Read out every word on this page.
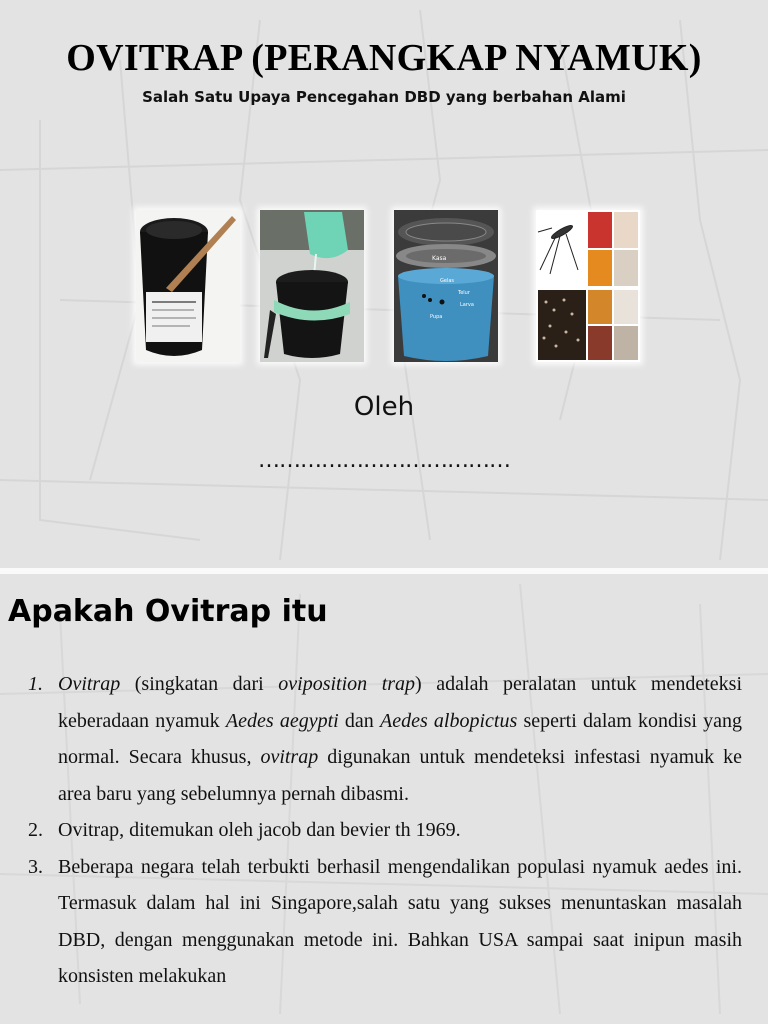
OVITRAP (PERANGKAP NYAMUK)
Salah Satu Upaya Pencegahan DBD yang berbahan Alami
Kasa
Gelas
Telur
Larva
Pupa
Oleh
………………………………
Apakah Ovitrap itu
1. Ovitrap (singkatan dari oviposition trap) adalah peralatan untuk mendeteksi keberadaan nyamuk Aedes aegypti dan Aedes albopictus seperti dalam kondisi yang normal. Secara khusus, ovitrap digunakan untuk mendeteksi infestasi nyamuk ke area baru yang sebelumnya pernah dibasmi.
2. Ovitrap, ditemukan oleh jacob dan bevier th 1969.
3. Beberapa negara telah terbukti berhasil mengendalikan populasi nyamuk aedes ini. Termasuk dalam hal ini Singapore,salah satu yang sukses menuntaskan masalah DBD, dengan menggunakan metode ini. Bahkan USA sampai saat inipun masih konsisten melakukan
